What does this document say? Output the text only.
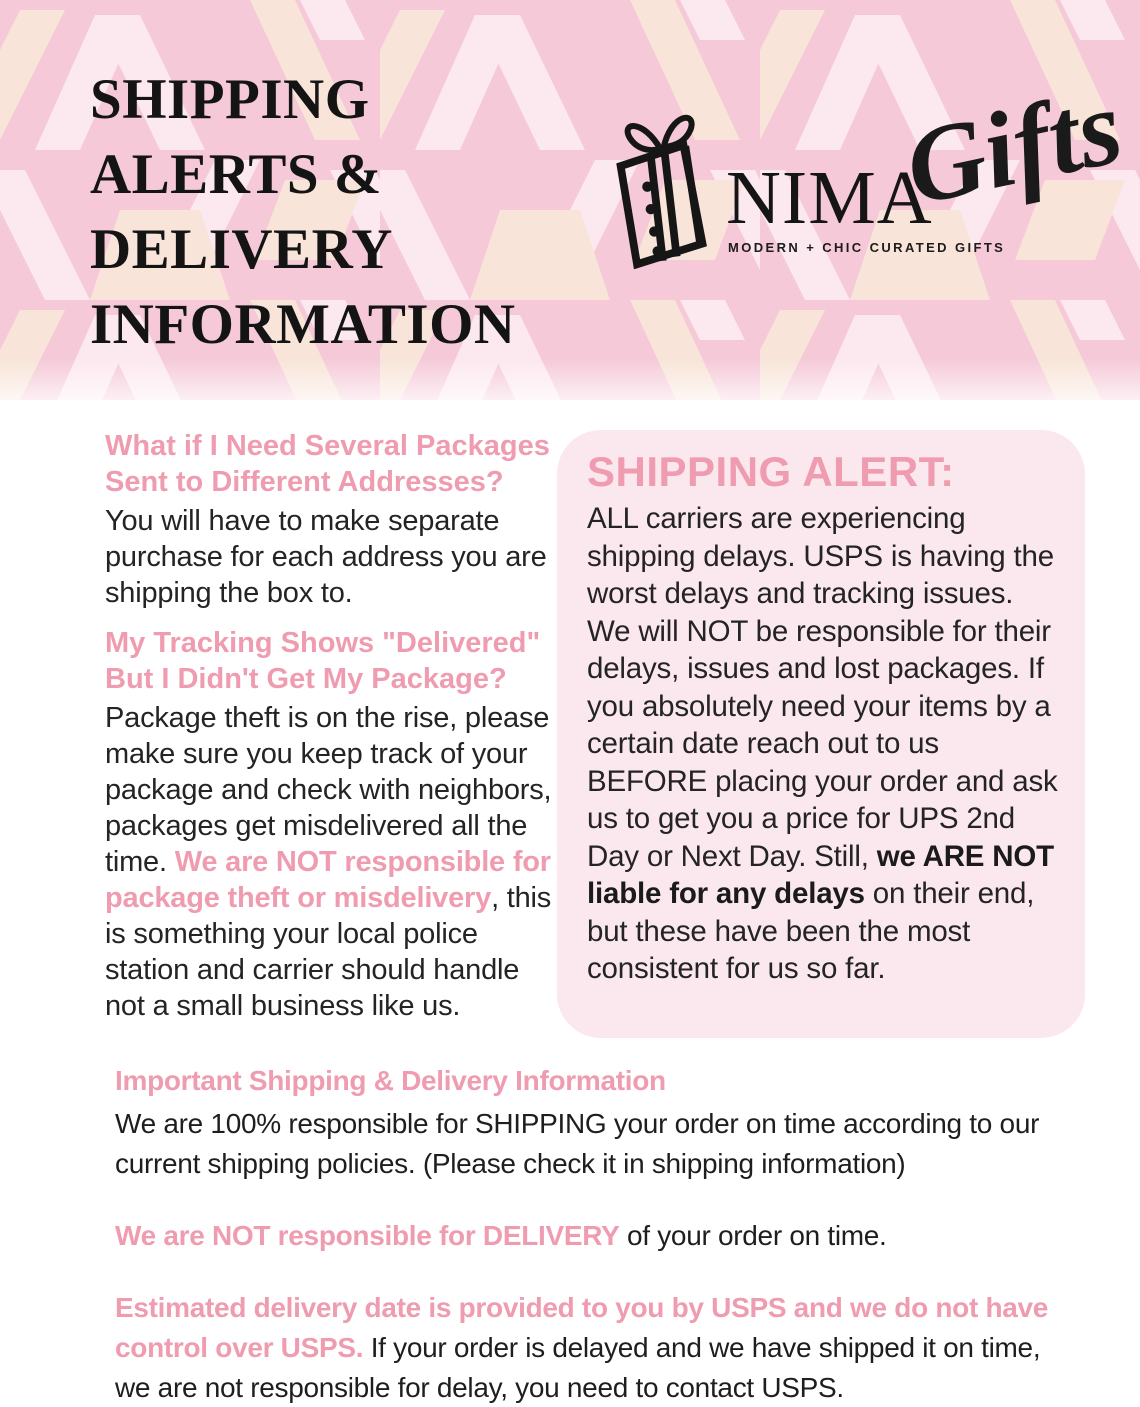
SHIPPING
ALERTS &
DELIVERY
INFORMATION
NIMA
Gifts
MODERN + CHIC CURATED GIFTS
What if I Need Several Packages
Sent to Different Addresses?

You will have to make separate purchase for each address you are shipping the box to.

My Tracking Shows "Delivered"
But I Didn't Get My Package?

Package theft is on the rise, please make sure you keep track of your package and check with neighbors, packages get misdelivered all the time. We are NOT responsible for package theft or misdelivery, this is something your local police station and carrier should handle not a small business like us.

SHIPPING ALERT:

ALL carriers are experiencing shipping delays. USPS is having the worst delays and tracking issues. We will NOT be responsible for their delays, issues and lost packages. If you absolutely need your items by a certain date reach out to us BEFORE placing your order and ask us to get you a price for UPS 2nd Day or Next Day. Still, we ARE NOT liable for any delays on their end, but these have been the most consistent for us so far.

Important Shipping & Delivery Information

We are 100% responsible for SHIPPING your order on time according to our current shipping policies. (Please check it in shipping information)

We are NOT responsible for DELIVERY of your order on time.

Estimated delivery date is provided to you by USPS and we do not have control over USPS. If your order is delayed and we have shipped it on time, we are not responsible for delay, you need to contact USPS.
